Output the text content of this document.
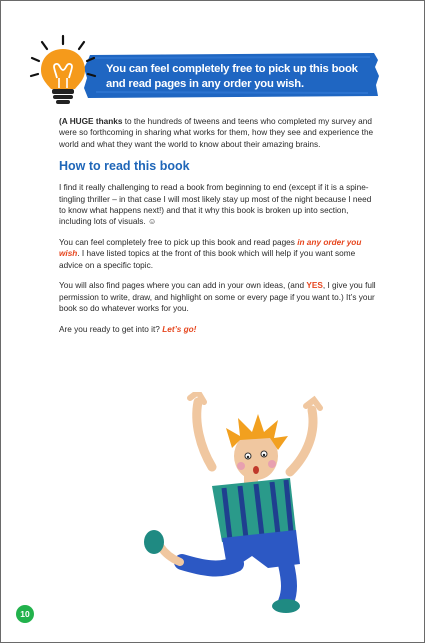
You can feel completely free to pick up this book and read pages in any order you wish.

(A HUGE thanks to the hundreds of tweens and teens who completed my survey and were so forthcoming in sharing what works for them, how they see and experience the world and what they want the world to know about their amazing brains.

How to read this book

I find it really challenging to read a book from beginning to end (except if it is a spine-tingling thriller – in that case I will most likely stay up most of the night because I need to know what happens next!) and that it why this book is broken up into section, including lots of visuals. ☺

You can feel completely free to pick up this book and read pages in any order you wish. I have listed topics at the front of this book which will help if you want some advice on a specific topic.

You will also find pages where you can add in your own ideas, (and YES, I give you full permission to write, draw, and highlight on some or every page if you want to.) It’s your book so do whatever works for you.

Are you ready to get into it? Let’s go!

10
